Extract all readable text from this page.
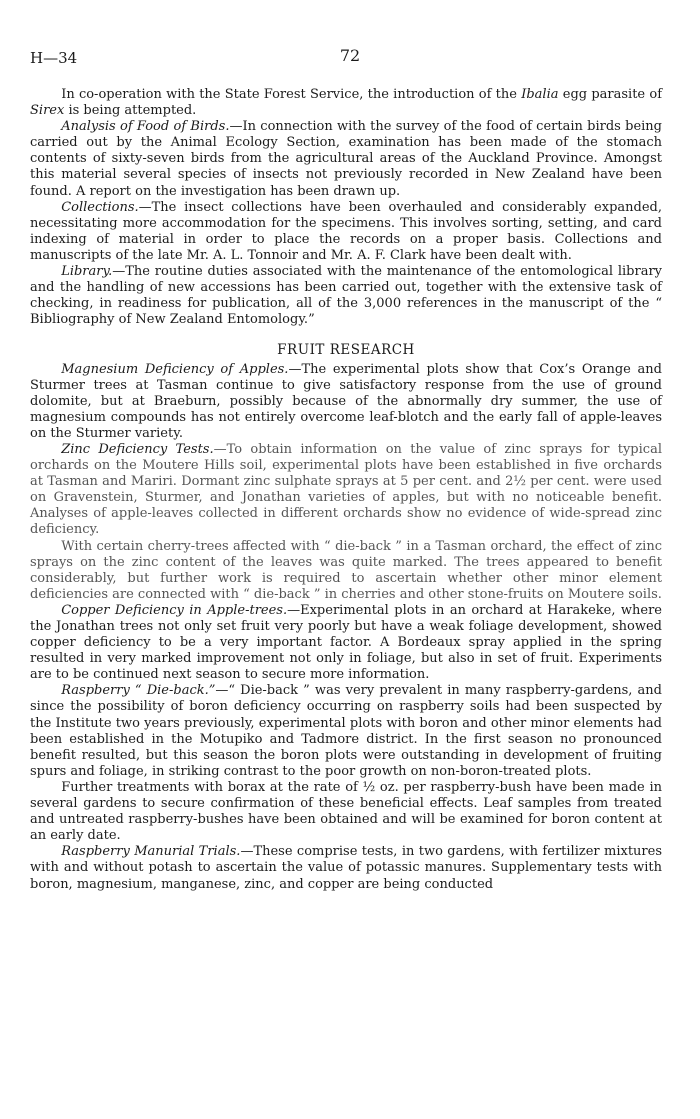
H—34	72

In co-operation with the State Forest Service, the introduction of the Ibalia egg parasite of Sirex is being attempted.

Analysis of Food of Birds.—In connection with the survey of the food of certain birds being carried out by the Animal Ecology Section, examination has been made of the stomach contents of sixty-seven birds from the agricultural areas of the Auckland Province. Amongst this material several species of insects not previously recorded in New Zealand have been found. A report on the investigation has been drawn up.

Collections.—The insect collections have been overhauled and considerably expanded, necessitating more accommodation for the specimens. This involves sorting, setting, and card indexing of material in order to place the records on a proper basis. Collections and manuscripts of the late Mr. A. L. Tonnoir and Mr. A. F. Clark have been dealt with.

Library.—The routine duties associated with the maintenance of the entomological library and the handling of new accessions has been carried out, together with the extensive task of checking, in readiness for publication, all of the 3,000 references in the manuscript of the “ Bibliography of New Zealand Entomology.”

FRUIT RESEARCH

Magnesium Deficiency of Apples.—The experimental plots show that Cox’s Orange and Sturmer trees at Tasman continue to give satisfactory response from the use of ground dolomite, but at Braeburn, possibly because of the abnormally dry summer, the use of magnesium compounds has not entirely overcome leaf-blotch and the early fall of apple-leaves on the Sturmer variety.

Zinc Deficiency Tests.—To obtain information on the value of zinc sprays for typical orchards on the Moutere Hills soil, experimental plots have been established in five orchards at Tasman and Mariri. Dormant zinc sulphate sprays at 5 per cent. and 2½ per cent. were used on Gravenstein, Sturmer, and Jonathan varieties of apples, but with no noticeable benefit. Analyses of apple-leaves collected in different orchards show no evidence of wide-spread zinc deficiency.

With certain cherry-trees affected with “ die-back ” in a Tasman orchard, the effect of zinc sprays on the zinc content of the leaves was quite marked. The trees appeared to benefit considerably, but further work is required to ascertain whether other minor element deficiencies are connected with “ die-back ” in cherries and other stone-fruits on Moutere soils.

Copper Deficiency in Apple-trees.—Experimental plots in an orchard at Harakeke, where the Jonathan trees not only set fruit very poorly but have a weak foliage development, showed copper deficiency to be a very important factor. A Bordeaux spray applied in the spring resulted in very marked improvement not only in foliage, but also in set of fruit. Experiments are to be continued next season to secure more information.

Raspberry “ Die-back.”—“ Die-back ” was very prevalent in many raspberry-gardens, and since the possibility of boron deficiency occurring on raspberry soils had been suspected by the Institute two years previously, experimental plots with boron and other minor elements had been established in the Motupiko and Tadmore district. In the first season no pronounced benefit resulted, but this season the boron plots were outstanding in development of fruiting spurs and foliage, in striking contrast to the poor growth on non-boron-treated plots.

Further treatments with borax at the rate of ½ oz. per raspberry-bush have been made in several gardens to secure confirmation of these beneficial effects. Leaf samples from treated and untreated raspberry-bushes have been obtained and will be examined for boron content at an early date.

Raspberry Manurial Trials.—These comprise tests, in two gardens, with fertilizer mixtures with and without potash to ascertain the value of potassic manures. Supplementary tests with boron, magnesium, manganese, zinc, and copper are being conducted
